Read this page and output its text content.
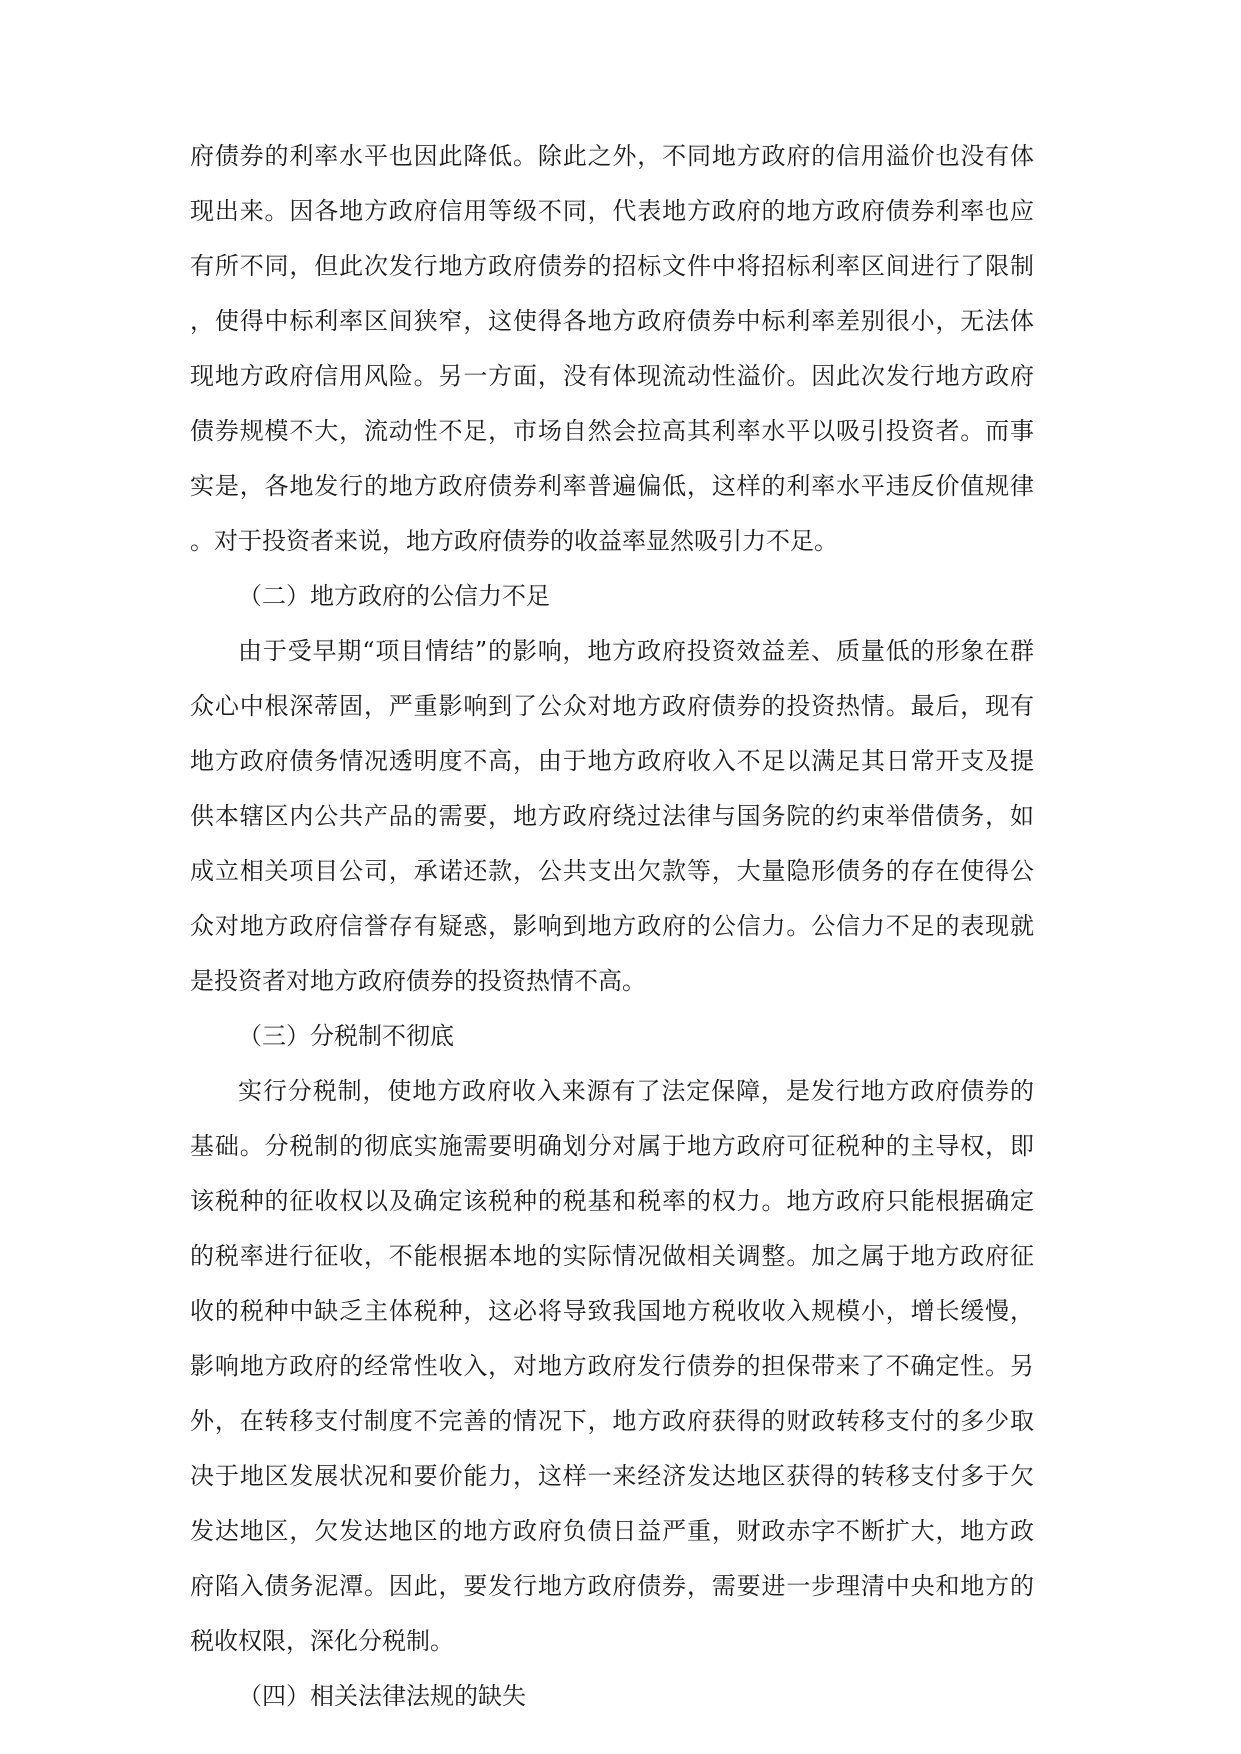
府债券的利率水平也因此降低。除此之外，不同地方政府的信用溢价也没有体
现出来。因各地方政府信用等级不同，代表地方政府的地方政府债券利率也应
有所不同，但此次发行地方政府债券的招标文件中将招标利率区间进行了限制
，使得中标利率区间狭窄，这使得各地方政府债券中标利率差别很小，无法体
现地方政府信用风险。另一方面，没有体现流动性溢价。因此次发行地方政府
债券规模不大，流动性不足，市场自然会拉高其利率水平以吸引投资者。而事
实是，各地发行的地方政府债券利率普遍偏低，这样的利率水平违反价值规律
。对于投资者来说，地方政府债券的收益率显然吸引力不足。
（二）地方政府的公信力不足
由于受早期“项目情结”的影响，地方政府投资效益差、质量低的形象在群
众心中根深蒂固，严重影响到了公众对地方政府债券的投资热情。最后，现有
地方政府债务情况透明度不高，由于地方政府收入不足以满足其日常开支及提
供本辖区内公共产品的需要，地方政府绕过法律与国务院的约束举借债务，如
成立相关项目公司，承诺还款，公共支出欠款等，大量隐形债务的存在使得公
众对地方政府信誉存有疑惑，影响到地方政府的公信力。公信力不足的表现就
是投资者对地方政府债券的投资热情不高。
（三）分税制不彻底
实行分税制，使地方政府收入来源有了法定保障，是发行地方政府债券的
基础。分税制的彻底实施需要明确划分对属于地方政府可征税种的主导权，即
该税种的征收权以及确定该税种的税基和税率的权力。地方政府只能根据确定
的税率进行征收，不能根据本地的实际情况做相关调整。加之属于地方政府征
收的税种中缺乏主体税种，这必将导致我国地方税收收入规模小，增长缓慢，
影响地方政府的经常性收入，对地方政府发行债券的担保带来了不确定性。另
外，在转移支付制度不完善的情况下，地方政府获得的财政转移支付的多少取
决于地区发展状况和要价能力，这样一来经济发达地区获得的转移支付多于欠
发达地区，欠发达地区的地方政府负债日益严重，财政赤字不断扩大，地方政
府陷入债务泥潭。因此，要发行地方政府债券，需要进一步理清中央和地方的
税收权限，深化分税制。
（四）相关法律法规的缺失
